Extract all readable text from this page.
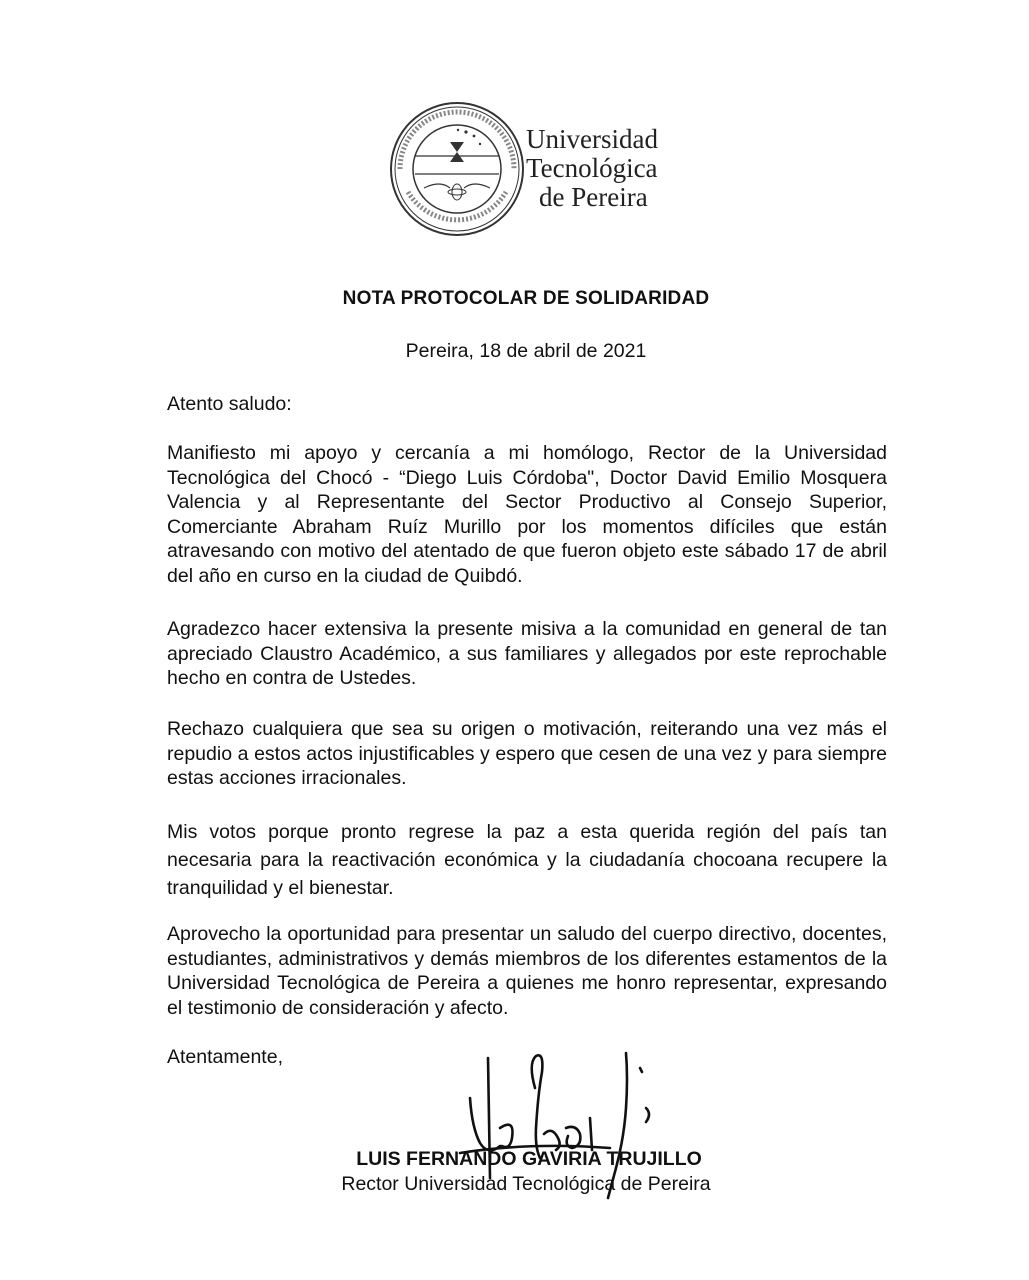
Universidad
Tecnológica
de Pereira
NOTA PROTOCOLAR DE SOLIDARIDAD
Pereira, 18 de abril de 2021
Atento saludo:

Manifiesto mi apoyo y cercanía a mi homólogo, Rector de la Universidad Tecnológica del Chocó - “Diego Luis Córdoba", Doctor David Emilio Mosquera Valencia y al Representante del Sector Productivo al Consejo Superior, Comerciante Abraham Ruíz Murillo por los momentos difíciles que están atravesando con motivo del atentado de que fueron objeto este sábado 17 de abril del año en curso en la ciudad de Quibdó.

Agradezco hacer extensiva la presente misiva a la comunidad en general de tan apreciado Claustro Académico, a sus familiares y allegados por este reprochable hecho en contra de Ustedes.

Rechazo cualquiera que sea su origen o motivación, reiterando una vez más el repudio a estos actos injustificables y espero que cesen de una vez y para siempre estas acciones irracionales.

Mis votos porque pronto regrese la paz a esta querida región del país tan necesaria para la reactivación económica y la ciudadanía chocoana recupere la tranquilidad y el bienestar.

Aprovecho la oportunidad para presentar un saludo del cuerpo directivo, docentes, estudiantes, administrativos y demás miembros de los diferentes estamentos de la Universidad Tecnológica de Pereira a quienes me honro representar, expresando el testimonio de consideración y afecto.

Atentamente,
LUIS FERNANDO GAVIRIA TRUJILLO
Rector Universidad Tecnológica de Pereira
